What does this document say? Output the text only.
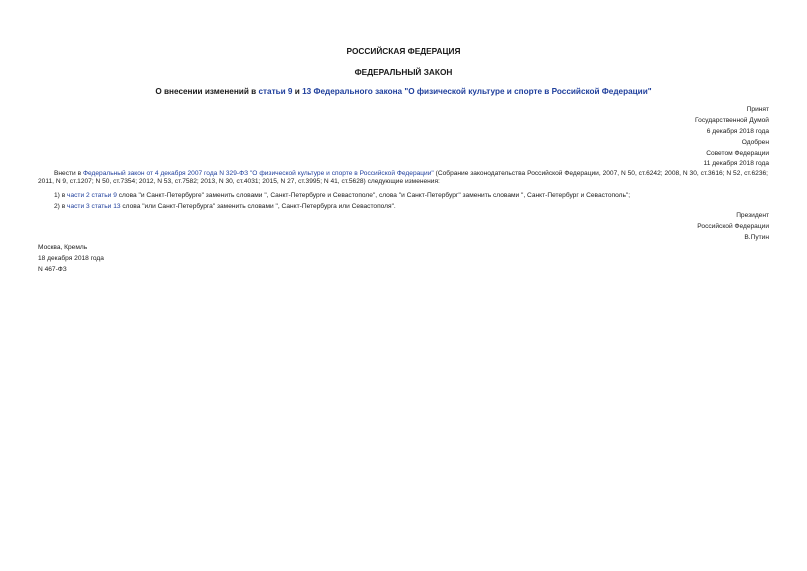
РОССИЙСКАЯ ФЕДЕРАЦИЯ
ФЕДЕРАЛЬНЫЙ ЗАКОН
О внесении изменений в статьи 9 и 13 Федерального закона "О физической культуре и спорте в Российской Федерации"
Принят
Государственной Думой
6 декабря 2018 года
Одобрен
Советом Федерации
11 декабря 2018 года
Внести в Федеральный закон от 4 декабря 2007 года N 329-ФЗ "О физической культуре и спорте в Российской Федерации" (Собрание законодательства Российской Федерации, 2007, N 50, ст.6242; 2008, N 30, ст.3616; N 52, ст.6236; 2011, N 9, ст.1207; N 50, ст.7354; 2012, N 53, ст.7582; 2013, N 30, ст.4031; 2015, N 27, ст.3995; N 41, ст.5628) следующие изменения:
1) в части 2 статьи 9 слова "и Санкт-Петербурге" заменить словами ", Санкт-Петербурге и Севастополе", слова "и Санкт-Петербург" заменить словами ", Санкт-Петербург и Севастополь";
2) в части 3 статьи 13 слова "или Санкт-Петербурга" заменить словами ", Санкт-Петербурга или Севастополя".
Президент
Российской Федерации
В.Путин
Москва, Кремль
18 декабря 2018 года
N 467-ФЗ
